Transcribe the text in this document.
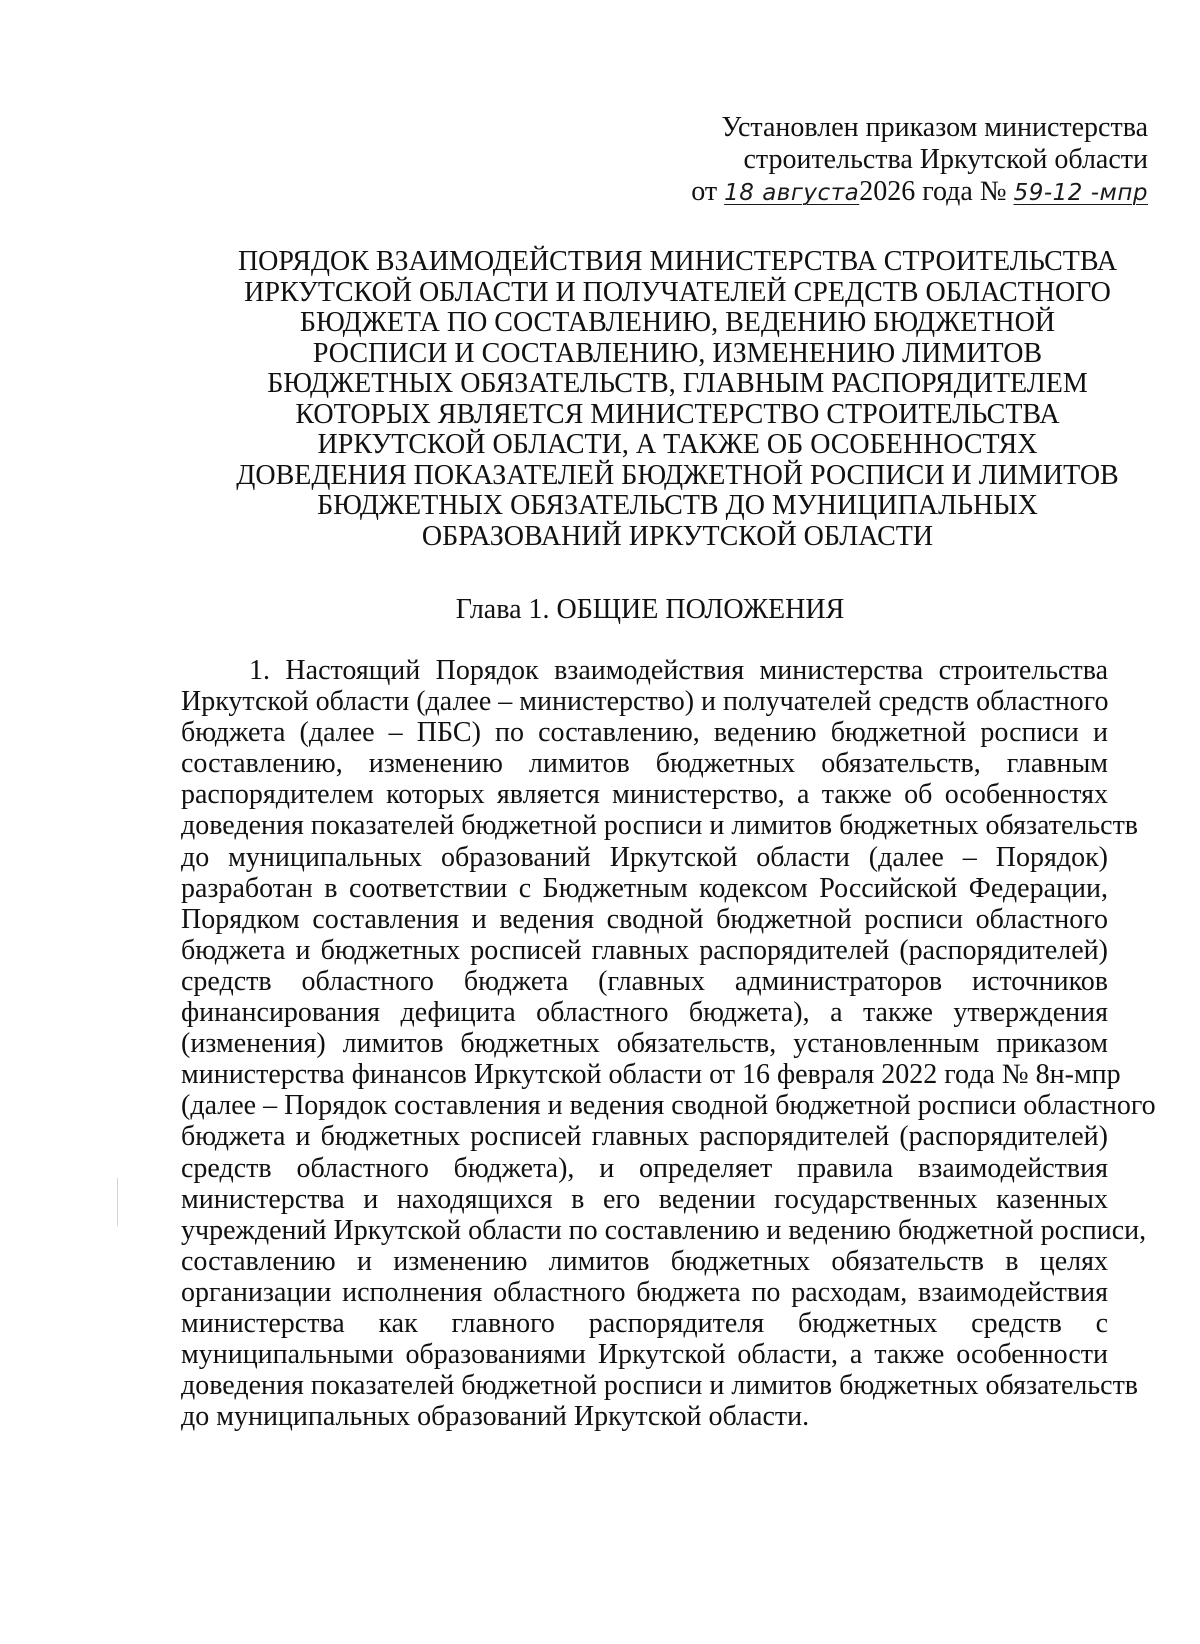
Установлен приказом министерства
строительства Иркутской области
от 18 августа2026 года № 59-12 -мпр
ПОРЯДОК ВЗАИМОДЕЙСТВИЯ МИНИСТЕРСТВА СТРОИТЕЛЬСТВА
ИРКУТСКОЙ ОБЛАСТИ И ПОЛУЧАТЕЛЕЙ СРЕДСТВ ОБЛАСТНОГО
БЮДЖЕТА ПО СОСТАВЛЕНИЮ, ВЕДЕНИЮ БЮДЖЕТНОЙ
РОСПИСИ И СОСТАВЛЕНИЮ, ИЗМЕНЕНИЮ ЛИМИТОВ
БЮДЖЕТНЫХ ОБЯЗАТЕЛЬСТВ, ГЛАВНЫМ РАСПОРЯДИТЕЛЕМ
КОТОРЫХ ЯВЛЯЕТСЯ МИНИСТЕРСТВО СТРОИТЕЛЬСТВА
ИРКУТСКОЙ ОБЛАСТИ, А ТАКЖЕ ОБ ОСОБЕННОСТЯХ
ДОВЕДЕНИЯ ПОКАЗАТЕЛЕЙ БЮДЖЕТНОЙ РОСПИСИ И ЛИМИТОВ
БЮДЖЕТНЫХ ОБЯЗАТЕЛЬСТВ ДО МУНИЦИПАЛЬНЫХ
ОБРАЗОВАНИЙ ИРКУТСКОЙ ОБЛАСТИ
Глава 1. ОБЩИЕ ПОЛОЖЕНИЯ
1. Настоящий Порядок взаимодействия министерства строительства
Иркутской области (далее – министерство) и получателей средств областного
бюджета (далее – ПБС) по составлению, ведению бюджетной росписи и
составлению, изменению лимитов бюджетных обязательств, главным
распорядителем которых является министерство, а также об особенностях
доведения показателей бюджетной росписи и лимитов бюджетных обязательств
до муниципальных образований Иркутской области (далее – Порядок)
разработан в соответствии с Бюджетным кодексом Российской Федерации,
Порядком составления и ведения сводной бюджетной росписи областного
бюджета и бюджетных росписей главных распорядителей (распорядителей)
средств областного бюджета (главных администраторов источников
финансирования дефицита областного бюджета), а также утверждения
(изменения) лимитов бюджетных обязательств, установленным приказом
министерства финансов Иркутской области от 16 февраля 2022 года № 8н-мпр
(далее – Порядок составления и ведения сводной бюджетной росписи областного
бюджета и бюджетных росписей главных распорядителей (распорядителей)
средств областного бюджета), и определяет правила взаимодействия
министерства и находящихся в его ведении государственных казенных
учреждений Иркутской области по составлению и ведению бюджетной росписи,
составлению и изменению лимитов бюджетных обязательств в целях
организации исполнения областного бюджета по расходам, взаимодействия
министерства как главного распорядителя бюджетных средств с
муниципальными образованиями Иркутской области, а также особенности
доведения показателей бюджетной росписи и лимитов бюджетных обязательств
до муниципальных образований Иркутской области.
